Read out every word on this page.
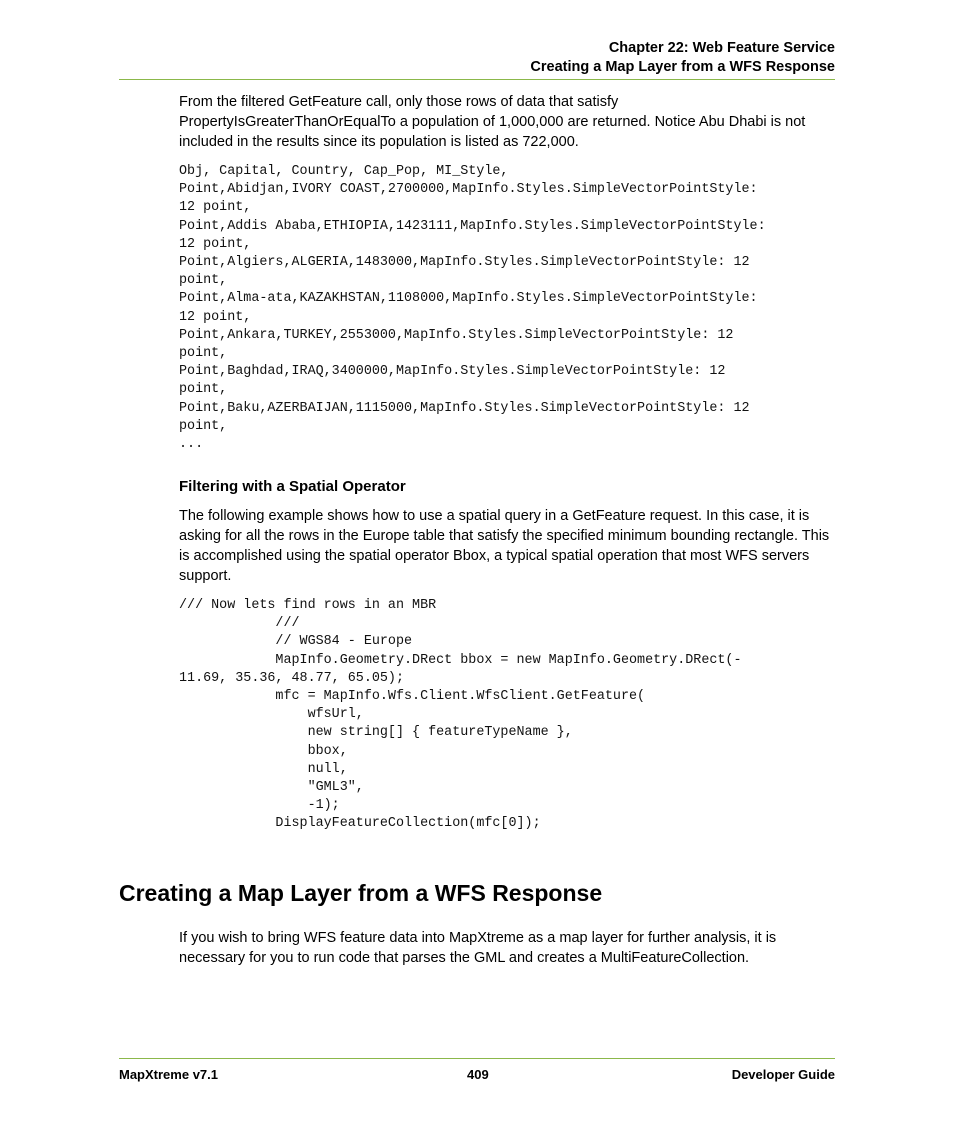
Chapter 22: Web Feature Service
Creating a Map Layer from a WFS Response

From the filtered GetFeature call, only those rows of data that satisfy PropertyIsGreaterThanOrEqualTo a population of 1,000,000 are returned. Notice Abu Dhabi is not included in the results since its population is listed as 722,000.

Obj, Capital, Country, Cap_Pop, MI_Style,
Point,Abidjan,IVORY COAST,2700000,MapInfo.Styles.SimpleVectorPointStyle:
12 point,
Point,Addis Ababa,ETHIOPIA,1423111,MapInfo.Styles.SimpleVectorPointStyle:
12 point,
Point,Algiers,ALGERIA,1483000,MapInfo.Styles.SimpleVectorPointStyle: 12
point,
Point,Alma-ata,KAZAKHSTAN,1108000,MapInfo.Styles.SimpleVectorPointStyle:
12 point,
Point,Ankara,TURKEY,2553000,MapInfo.Styles.SimpleVectorPointStyle: 12
point,
Point,Baghdad,IRAQ,3400000,MapInfo.Styles.SimpleVectorPointStyle: 12
point,
Point,Baku,AZERBAIJAN,1115000,MapInfo.Styles.SimpleVectorPointStyle: 12
point,
...
Filtering with a Spatial Operator

The following example shows how to use a spatial query in a GetFeature request. In this case, it is asking for all the rows in the Europe table that satisfy the specified minimum bounding rectangle. This is accomplished using the spatial operator Bbox, a typical spatial operation that most WFS servers support.

/// Now lets find rows in an MBR
///
// WGS84 - Europe
MapInfo.Geometry.DRect bbox = new MapInfo.Geometry.DRect(-
11.69, 35.36, 48.77, 65.05);
mfc = MapInfo.Wfs.Client.WfsClient.GetFeature(
wfsUrl,
new string[] { featureTypeName },
bbox,
null,
"GML3",
-1);
DisplayFeatureCollection(mfc[0]);
Creating a Map Layer from a WFS Response

If you wish to bring WFS feature data into MapXtreme as a map layer for further analysis, it is necessary for you to run code that parses the GML and creates a MultiFeatureCollection.

MapXtreme v7.1	409	Developer Guide
